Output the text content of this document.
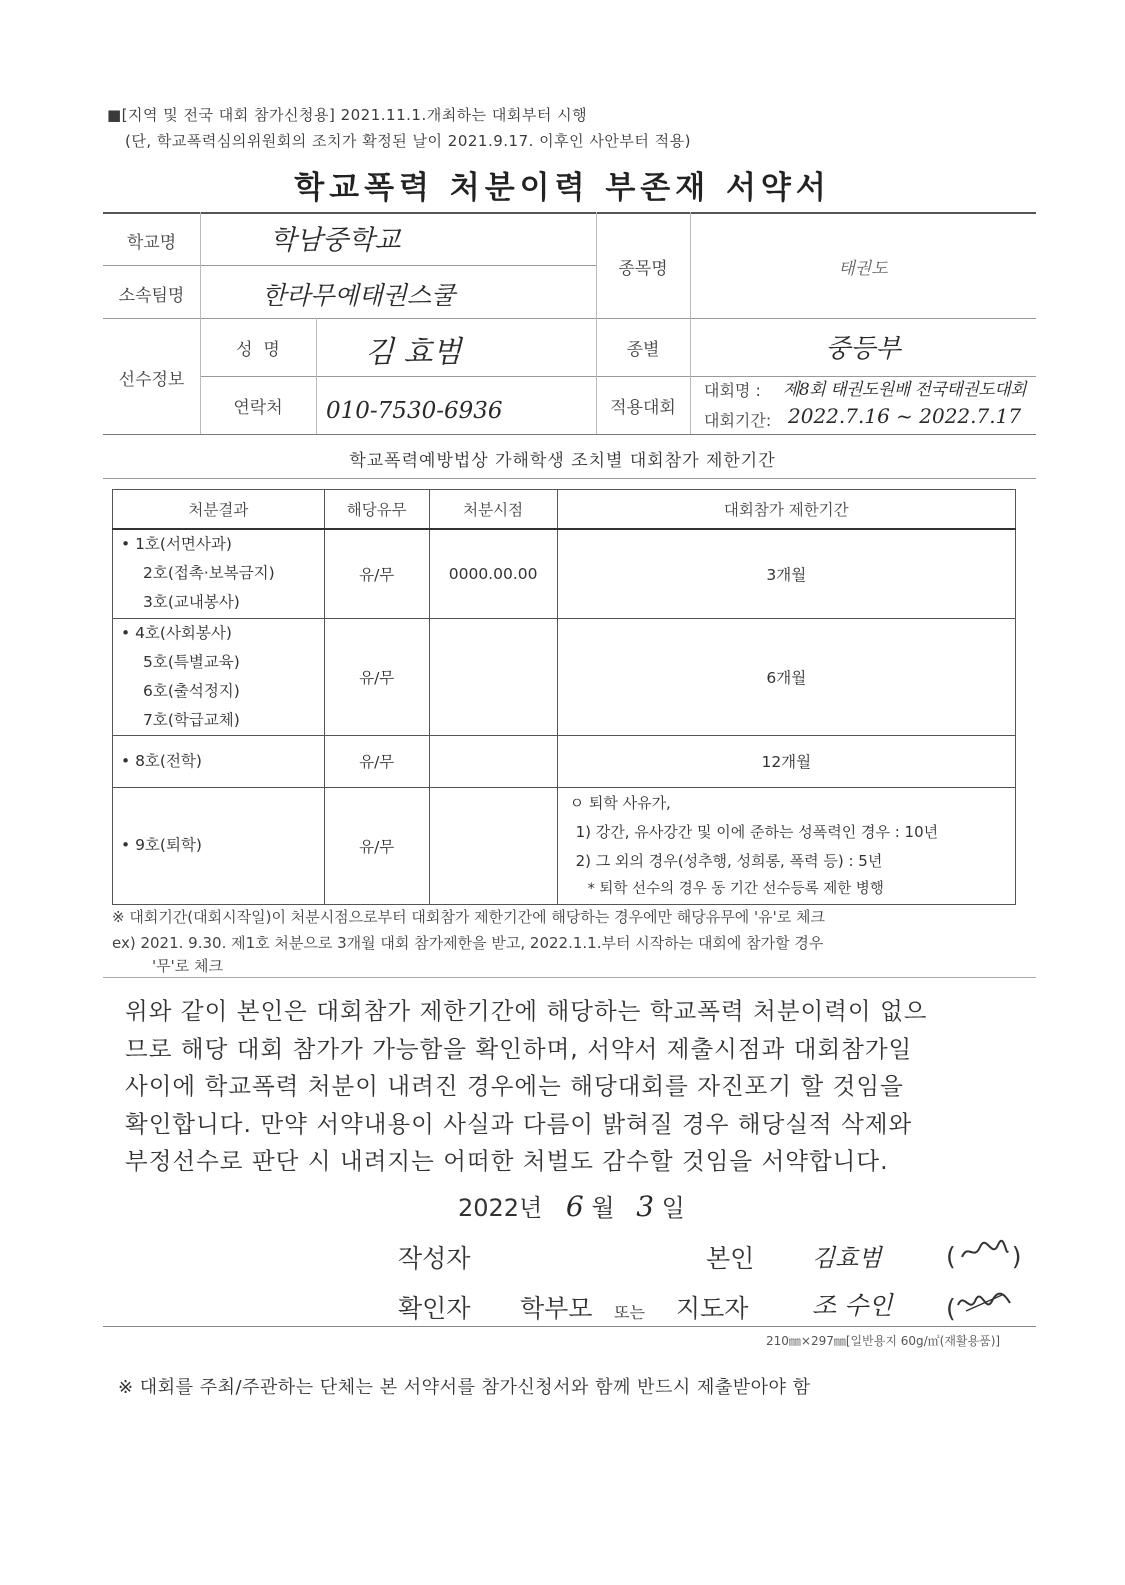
■[지역 및 전국 대회 참가신청용] 2021.11.1.개최하는 대회부터 시행
(단, 학교폭력심의위원회의 조치가 확정된 날이 2021.9.17. 이후인 사안부터 적용)
학교폭력 처분이력 부존재 서약서
학교명	학남중학교
소속팀명	한라무예태권스쿨
종목명	태권도
선수정보
성  명	김 효범
연락처	010-7530-6936
종별	중등부
적용대회
대회명 : 제8회 태권도원배 전국태권도대회
대회기간: 2022.7.16 ~ 2022.7.17
학교폭력예방법상 가해학생 조치별 대회참가 제한기간
처분결과	해당유무	처분시점	대회참가 제한기간

• 1호(서면사과)
2호(접촉·보복금지)
3호(교내봉사)	유/무	0000.00.00	3개월

• 4호(사회봉사)
5호(특별교육)
6호(출석정지)
7호(학급교체)	유/무		6개월

• 8호(전학)	유/무		12개월

• 9호(퇴학)	유/무		ㅇ 퇴학 사유가,
1) 강간, 유사강간 및 이에 준하는 성폭력인 경우 : 10년
2) 그 외의 경우(성추행, 성희롱, 폭력 등) : 5년
* 퇴학 선수의 경우 동 기간 선수등록 제한 병행
※ 대회기간(대회시작일)이 처분시점으로부터 대회참가 제한기간에 해당하는 경우에만 해당유무에 '유'로 체크
ex) 2021. 9.30. 제1호 처분으로 3개월 대회 참가제한을 받고, 2022.1.1.부터 시작하는 대회에 참가할 경우
'무'로 체크
위와 같이 본인은 대회참가 제한기간에 해당하는 학교폭력 처분이력이 없으
므로 해당 대회 참가가 가능함을 확인하며, 서약서 제출시점과 대회참가일
사이에 학교폭력 처분이 내려진 경우에는 해당대회를 자진포기 할 것임을
확인합니다. 만약 서약내용이 사실과 다름이 밝혀질 경우 해당실적 삭제와
부정선수로 판단 시 내려지는 어떠한 처벌도 감수할 것임을 서약합니다.
2022년 6 월 3 일
작성자	본인 김효범	( )
확인자 학부모 또는 지도자	조 수인 (
210㎜×297㎜[일반용지 60g/㎡(재활용품)]
※ 대회를 주최/주관하는 단체는 본 서약서를 참가신청서와 함께 반드시 제출받아야 함
